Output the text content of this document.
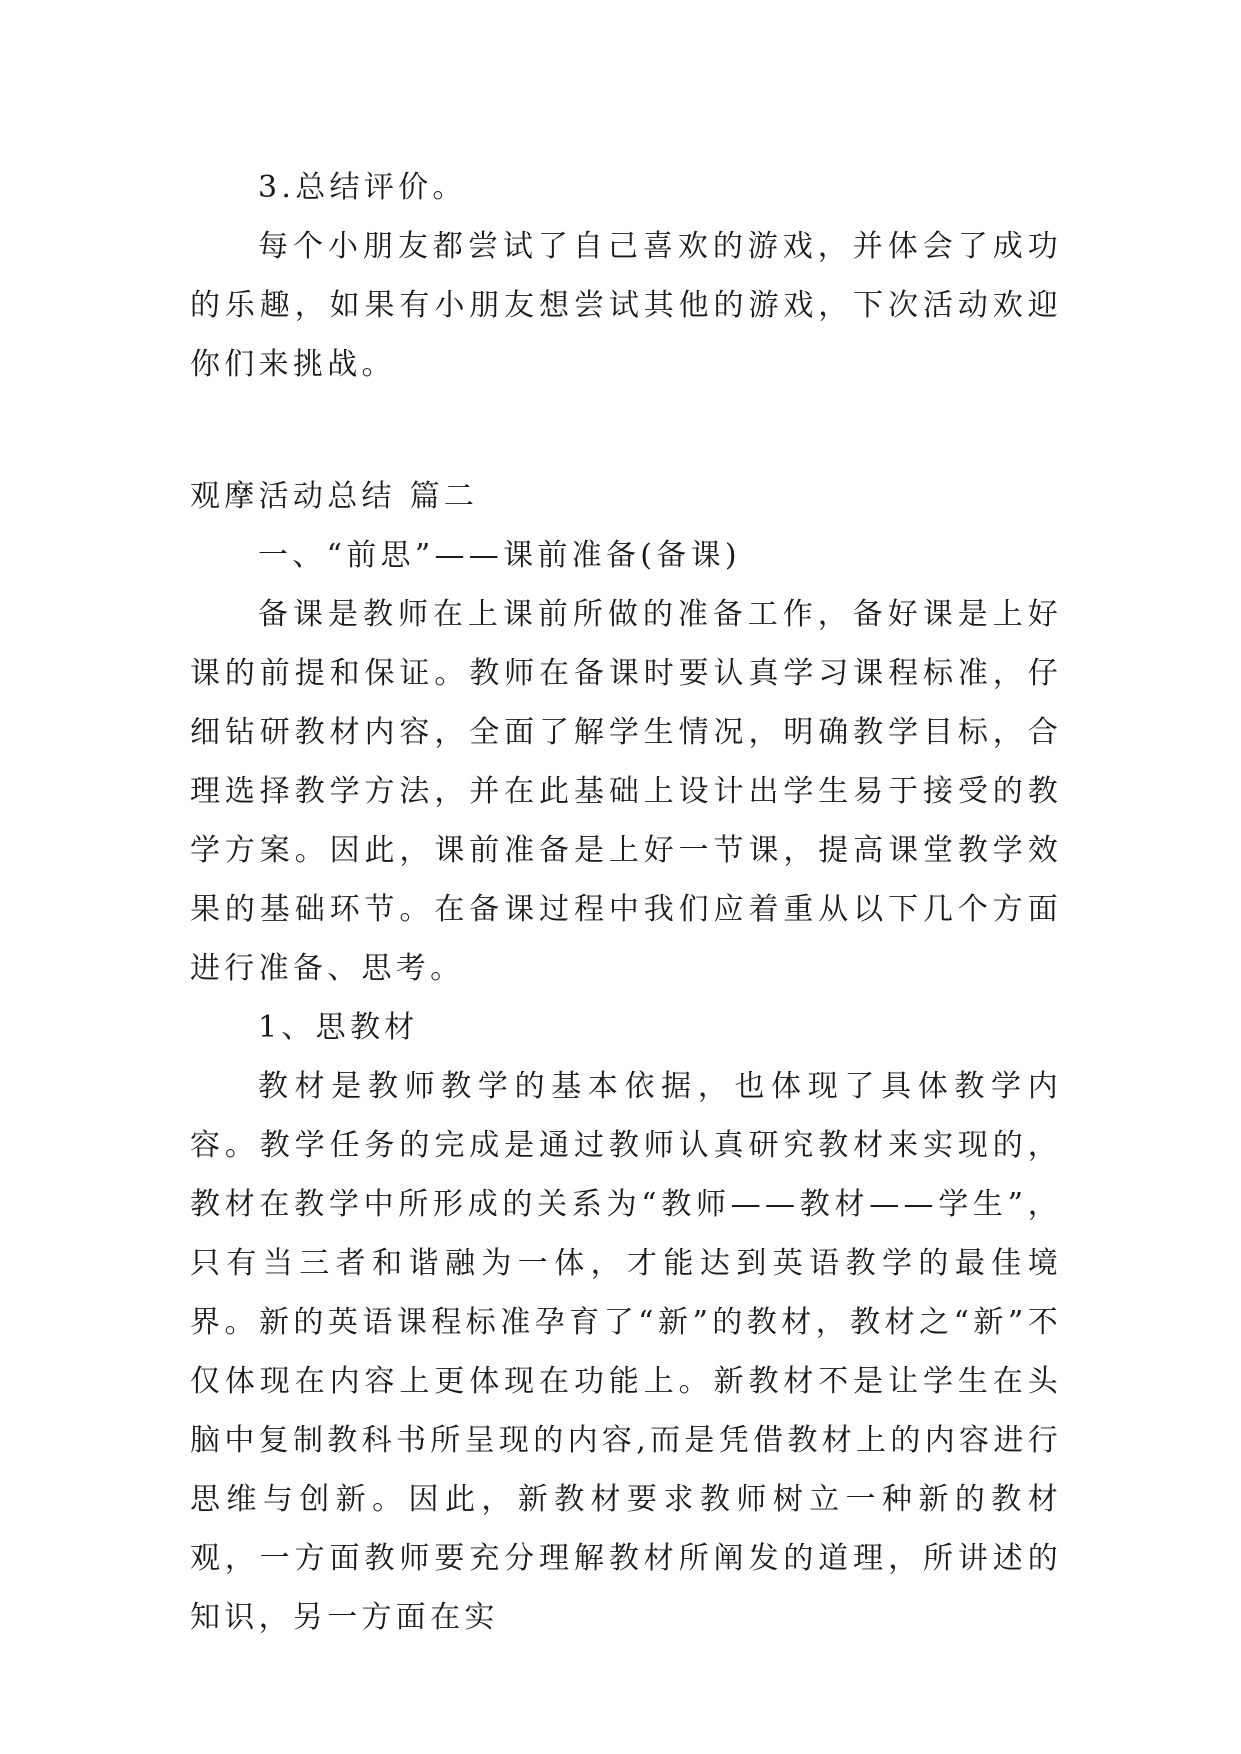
3.总结评价。

每个小朋友都尝试了自己喜欢的游戏，并体会了成功的乐趣，如果有小朋友想尝试其他的游戏，下次活动欢迎你们来挑战。

观摩活动总结 篇二

一、“前思”——课前准备(备课)

备课是教师在上课前所做的准备工作，备好课是上好课的前提和保证。教师在备课时要认真学习课程标准，仔细钻研教材内容，全面了解学生情况，明确教学目标，合理选择教学方法，并在此基础上设计出学生易于接受的教学方案。因此，课前准备是上好一节课，提高课堂教学效果的基础环节。在备课过程中我们应着重从以下几个方面进行准备、思考。

1、思教材

教材是教师教学的基本依据，也体现了具体教学内容。教学任务的完成是通过教师认真研究教材来实现的，教材在教学中所形成的关系为“教师——教材——学生”，只有当三者和谐融为一体，才能达到英语教学的最佳境界。新的英语课程标准孕育了“新”的教材，教材之“新”不仅体现在内容上更体现在功能上。新教材不是让学生在头脑中复制教科书所呈现的内容,而是凭借教材上的内容进行思维与创新。因此，新教材要求教师树立一种新的教材观，一方面教师要充分理解教材所阐发的道理，所讲述的知识，另一方面在实
